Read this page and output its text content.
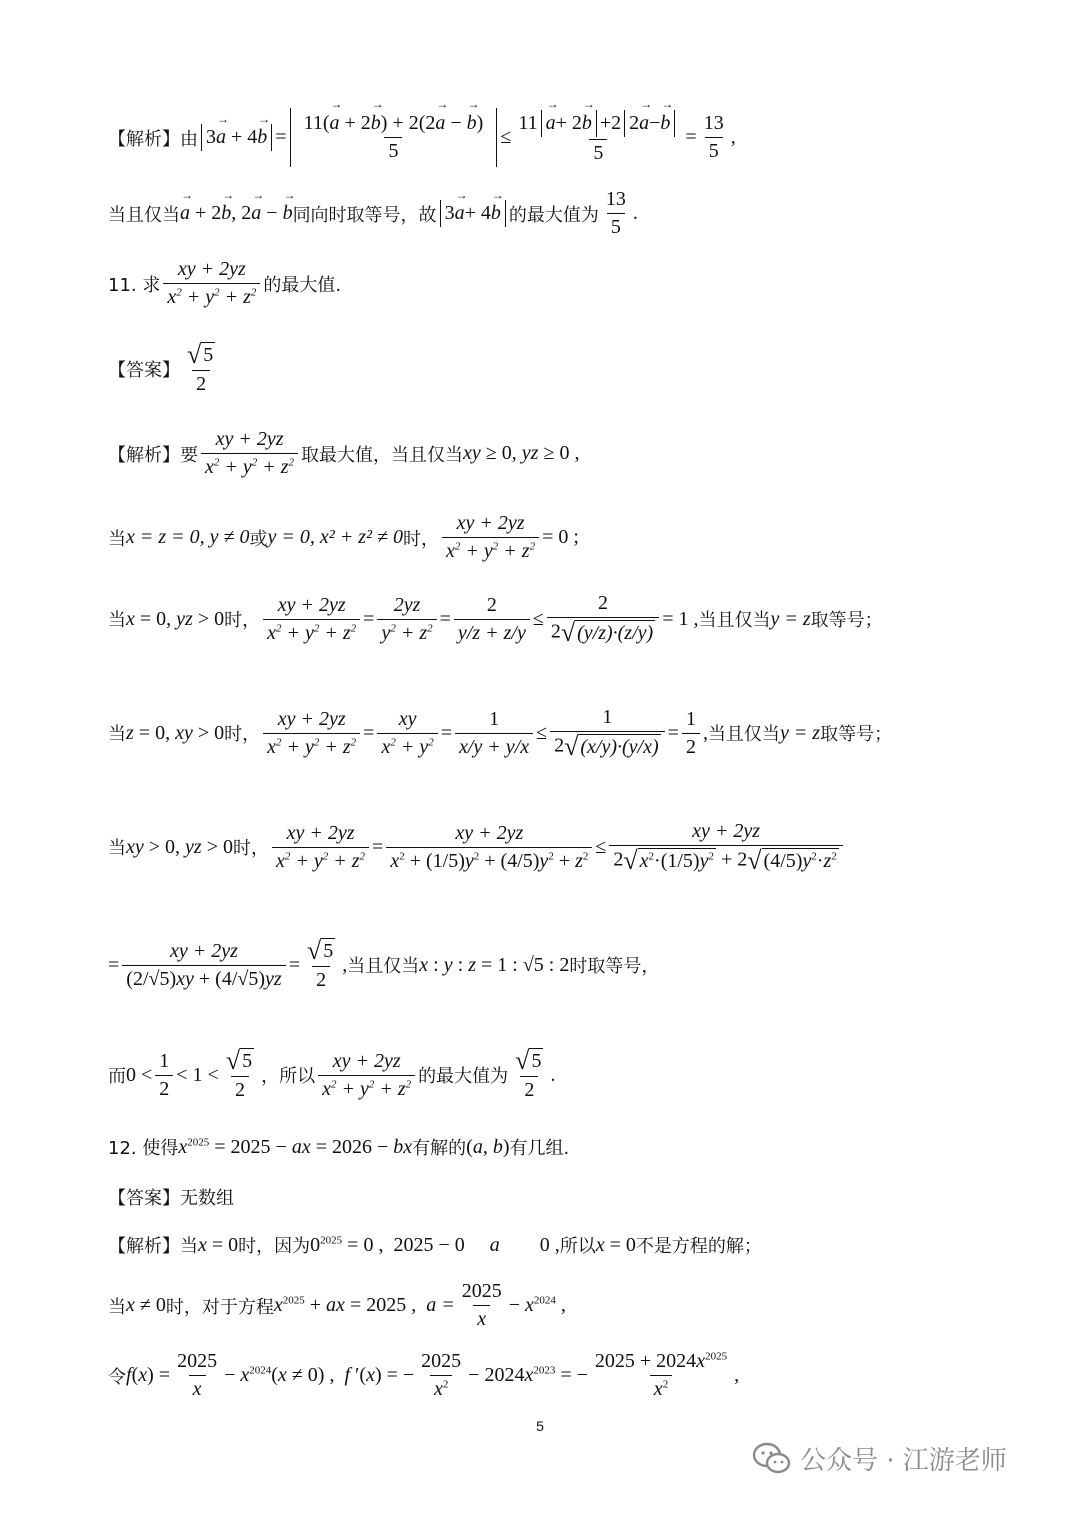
【解析】 由 $3\to a + 4\to b = \frac{11(\to a + 2\to b) + 2(2\to a - \to b)}{5} \le 11$
→ a + 2
→ b +2 2
→ a −
→ b
$5 = \frac{13}{5}$ ,
当且仅当
→ a + 2→ b, 2→ a − → b 同向时取等号，故 3
→ a + 4
→ b 的最大值为 $\frac{13}{5}$ .
11. 求 $\frac{xy + 2yz}{x^2 + y^2 + z^2}$ 的最大值.
【答案】 $\frac{√ 5}{2}$
【解析】 要 $\frac{xy + 2yz}{x^2 + y^2 + z^2}$ 取最大值，当且仅当 xy ≥ 0, yz ≥ 0 ,
当 x = z = 0, y ≠ 0 或 y = 0, x² + z² ≠ 0 时， $\frac{xy + 2yz}{x^2 + y^2 + z^2} = 0$ ;
当 x = 0, yz > 0 时， $\frac{xy + 2yz}{x^2 + y^2 + z^2} = \frac{2yz}{y^2 + z^2} = \frac{2}{y/z + z/y} \le \frac{2}{2 √ (y/z)\cdot(z/y)} = 1$ , 当且仅当 y = z 取等号；
当 z = 0, xy > 0 时， $\frac{xy + 2yz}{x^2 + y^2 + z^2} = \frac{xy}{x^2 + y^2} = \frac{1}{x/y + y/x} \le \frac{1}{2 √ (x/y)\cdot(y/x)} = \frac{1}{2}$ , 当且仅当 y = z 取等号；
当 xy > 0, yz > 0 时， $\frac{xy + 2yz}{x^2 + y^2 + z^2} = \frac{xy + 2yz}{x^2 + (1/5)y^2 + (4/5)y^2 + z^2} \le \frac{xy + 2yz}{2 √ x^2\cdot(1/5)y^2 + 2 √ (4/5)y^2\cdot z^2}$
= $\frac{xy + 2yz}{(2/√5)xy + (4/√5)yz} = \frac{√ 5}{2}$ , 当且仅当 x : y : z = 1 : √5 : 2 时取等号，
而 $0 < \frac{1}{2} < 1 < \frac{√ 5}{2}$ ，所以 $\frac{xy + 2yz}{x^2 + y^2 + z^2}$ 的最大值为 $\frac{√ 5}{2}$ .
12. 使得 $x^{2025} = 2025$ − ax = 2026 − bx 有解的 (a, b) 有几组.
【答案】 无数组
【解析】 当 x = 0 时，因为 $0^{2025} = 0$ , 2025 − 0  a  0 , 所以 x = 0 不是方程的解；
当 x ≠ 0 时，对于方程 $x^{2025}$ + ax = 2025 , $a = \frac{2025}{x} - x^{2024}$ ,
令 $f(x) = \frac{2025}{x} - x^{2024}(x \ne 0)$ , f ′(x) = − $\frac{2025}{x^2} - 2024x^{2023}$ = − $\frac{2025 + 2024x^{2025}}{x^2}$ ,
5
公众号 · 江游老师
